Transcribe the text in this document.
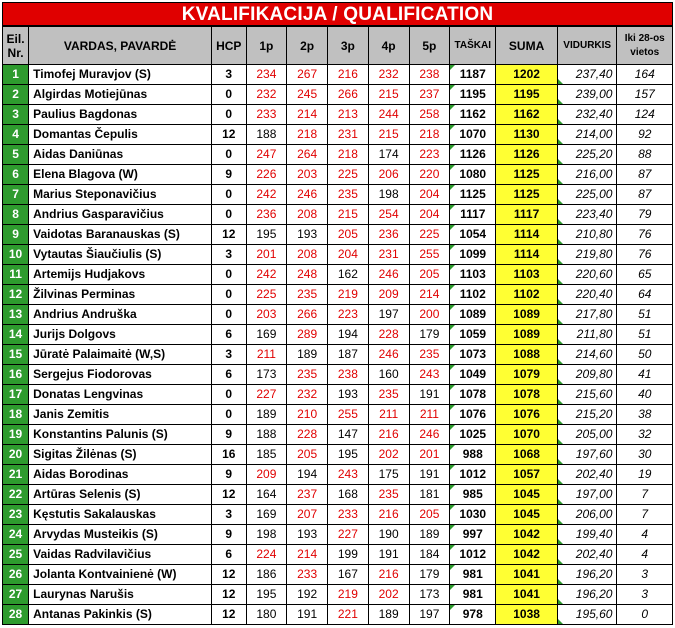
KVALIFIKACIJA / QUALIFICATION
Eil.
Nr.	VARDAS, PAVARDĖ	HCP	1p	2p	3p	4p	5p	TAŠKAI	SUMA	VIDURKIS	Iki 28-os
vietos
1	Timofej Muravjov (S)	3	234	267	216	232	238	1187	1202	237,40	164
2	Algirdas Motiejūnas	0	232	245	266	215	237	1195	1195	239,00	157
3	Paulius Bagdonas	0	233	214	213	244	258	1162	1162	232,40	124
4	Domantas Čepulis	12	188	218	231	215	218	1070	1130	214,00	92
5	Aidas Daniūnas	0	247	264	218	174	223	1126	1126	225,20	88
6	Elena Blagova (W)	9	226	203	225	206	220	1080	1125	216,00	87
7	Marius Steponavičius	0	242	246	235	198	204	1125	1125	225,00	87
8	Andrius Gasparavičius	0	236	208	215	254	204	1117	1117	223,40	79
9	Vaidotas Baranauskas (S)	12	195	193	205	236	225	1054	1114	210,80	76
10	Vytautas Šiaučiulis (S)	3	201	208	204	231	255	1099	1114	219,80	76
11	Artemijs Hudjakovs	0	242	248	162	246	205	1103	1103	220,60	65
12	Žilvinas Perminas	0	225	235	219	209	214	1102	1102	220,40	64
13	Andrius Andruška	0	203	266	223	197	200	1089	1089	217,80	51
14	Jurijs Dolgovs	6	169	289	194	228	179	1059	1089	211,80	51
15	Jūratė Palaimaitė (W,S)	3	211	189	187	246	235	1073	1088	214,60	50
16	Sergejus Fiodorovas	6	173	235	238	160	243	1049	1079	209,80	41
17	Donatas Lengvinas	0	227	232	193	235	191	1078	1078	215,60	40
18	Janis Zemitis	0	189	210	255	211	211	1076	1076	215,20	38
19	Konstantins Palunis (S)	9	188	228	147	216	246	1025	1070	205,00	32
20	Sigitas Žilėnas (S)	16	185	205	195	202	201	988	1068	197,60	30
21	Aidas Borodinas	9	209	194	243	175	191	1012	1057	202,40	19
22	Artūras Selenis (S)	12	164	237	168	235	181	985	1045	197,00	7
23	Kęstutis Sakalauskas	3	169	207	233	216	205	1030	1045	206,00	7
24	Arvydas Musteikis (S)	9	198	193	227	190	189	997	1042	199,40	4
25	Vaidas Radvilavičius	6	224	214	199	191	184	1012	1042	202,40	4
26	Jolanta Kontvainienė (W)	12	186	233	167	216	179	981	1041	196,20	3
27	Laurynas Narušis	12	195	192	219	202	173	981	1041	196,20	3
28	Antanas Pakinkis (S)	12	180	191	221	189	197	978	1038	195,60	0
